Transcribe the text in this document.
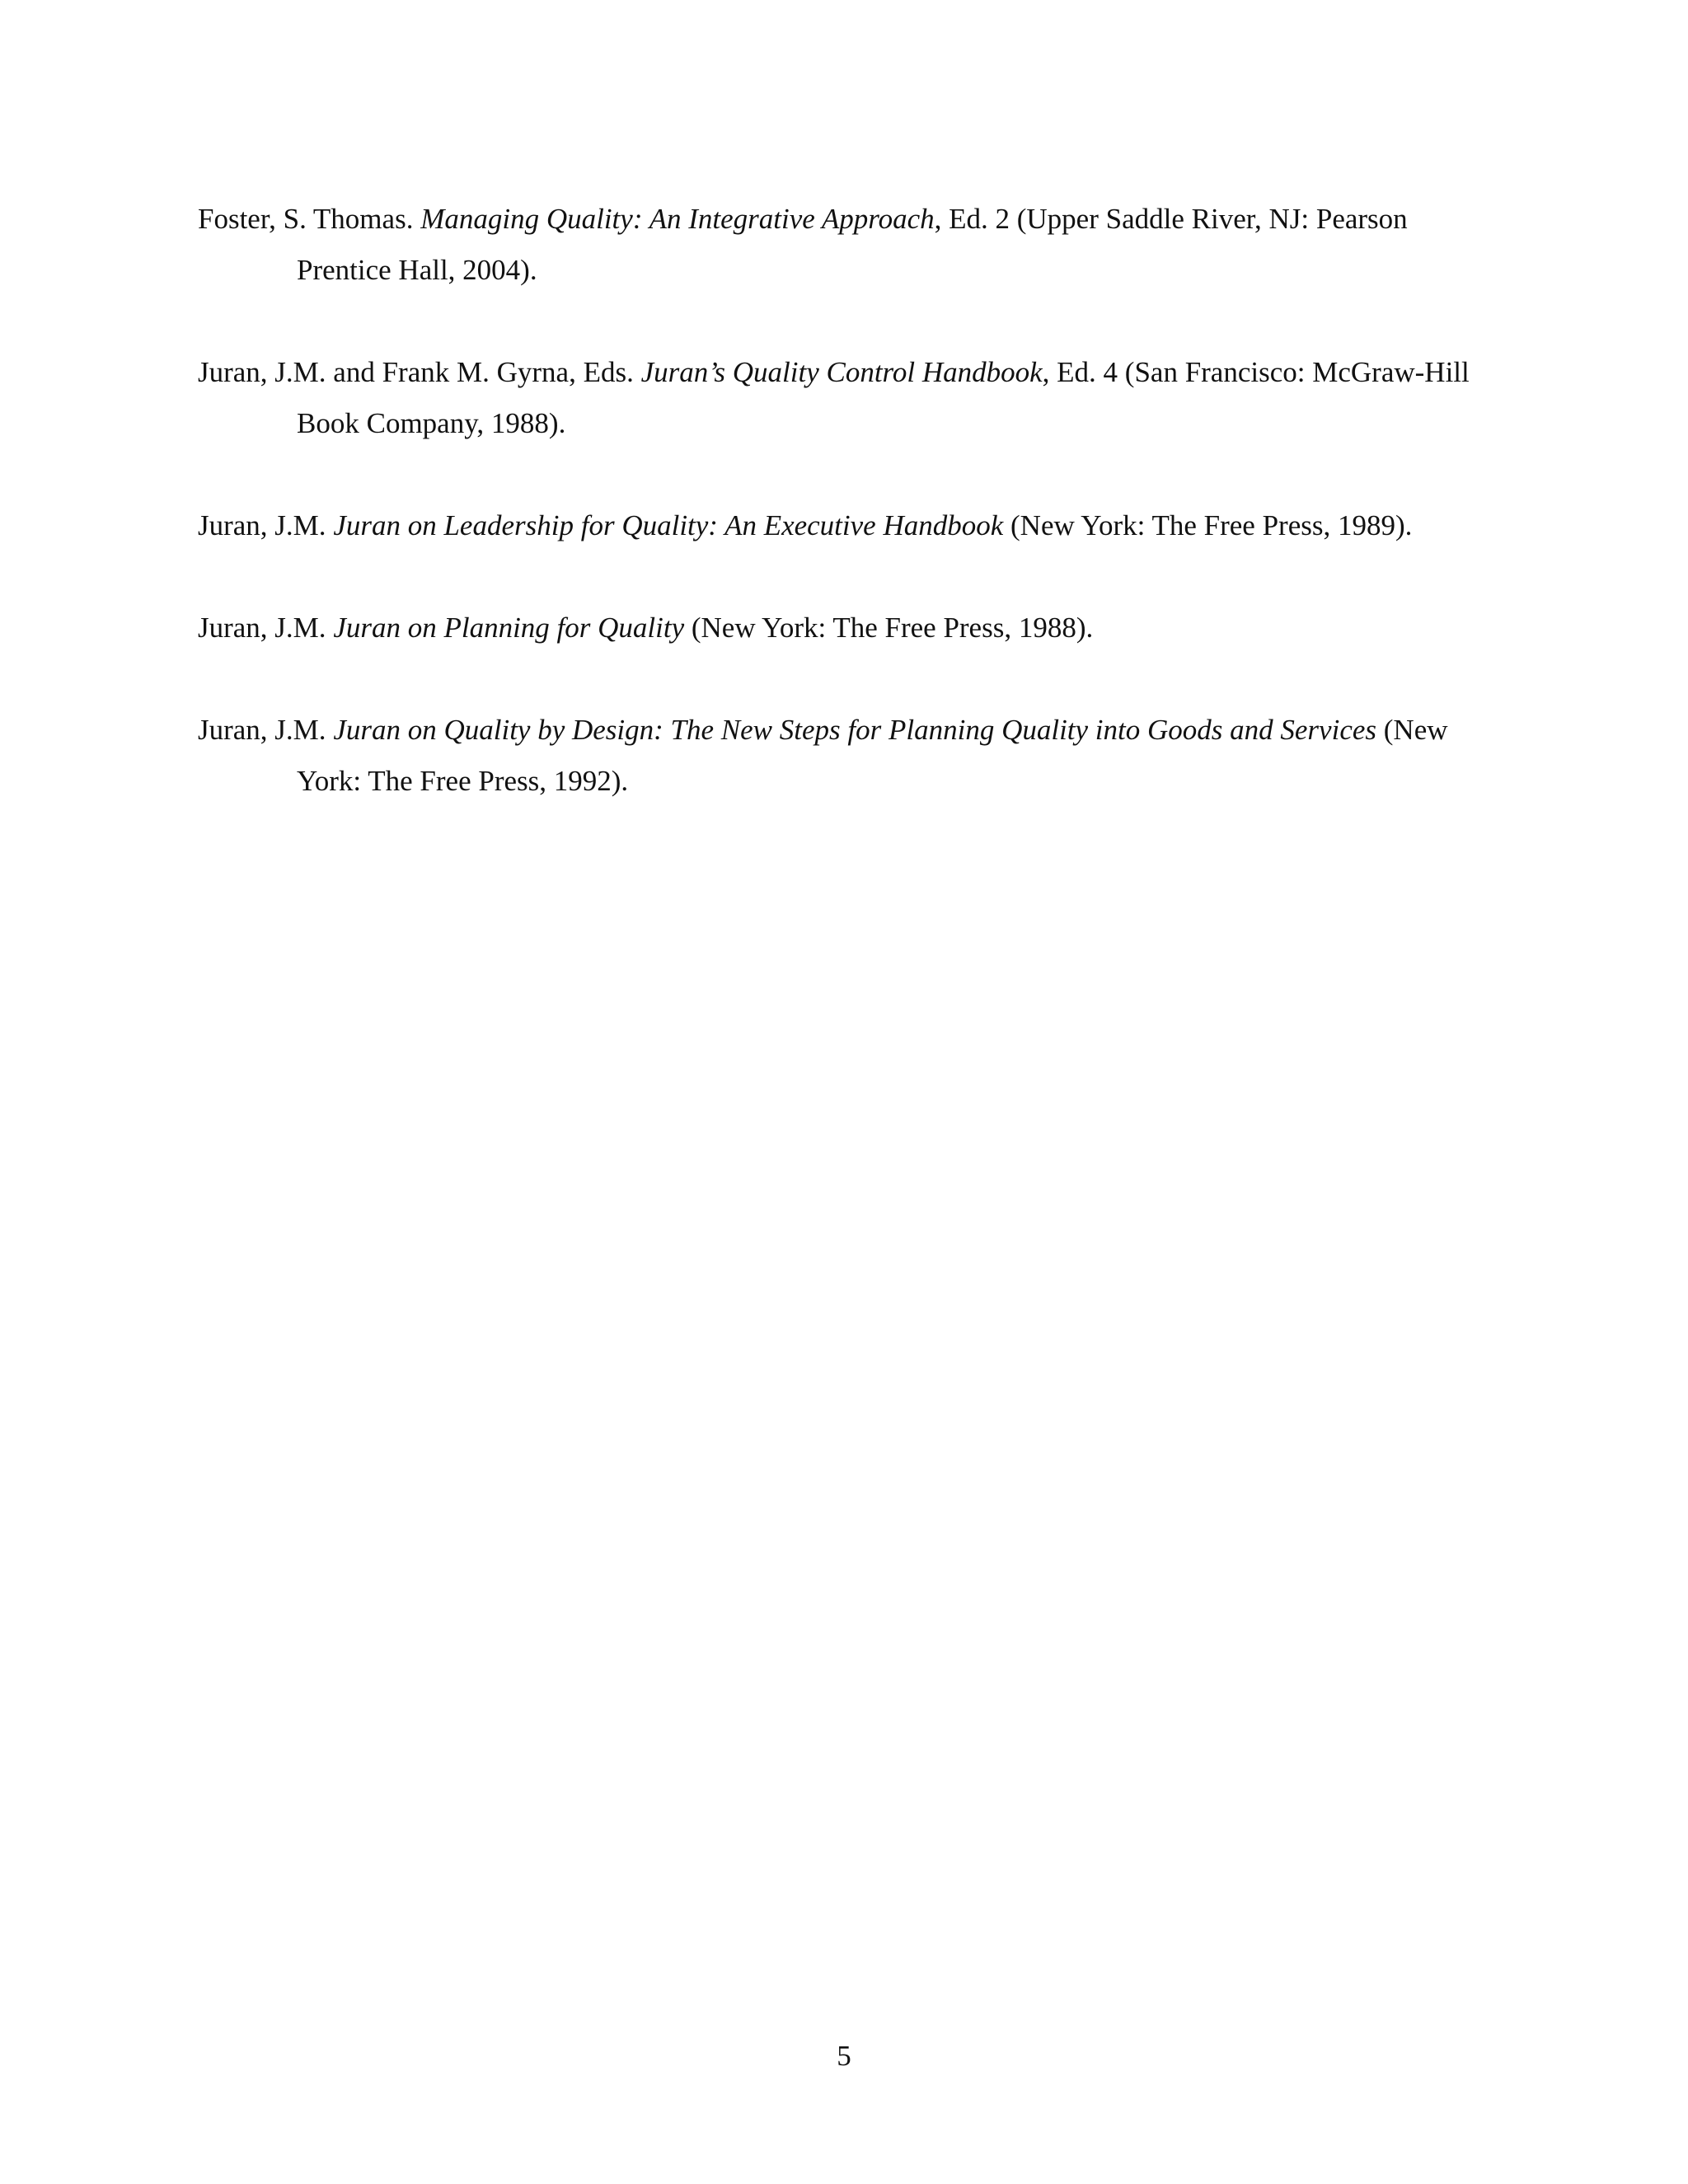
Foster, S. Thomas. Managing Quality: An Integrative Approach, Ed. 2 (Upper Saddle River, NJ: Pearson Prentice Hall, 2004).
Juran, J.M. and Frank M. Gyrna, Eds. Juran’s Quality Control Handbook, Ed. 4 (San Francisco: McGraw-Hill Book Company, 1988).
Juran, J.M. Juran on Leadership for Quality: An Executive Handbook (New York: The Free Press, 1989).
Juran, J.M. Juran on Planning for Quality (New York: The Free Press, 1988).
Juran, J.M. Juran on Quality by Design: The New Steps for Planning Quality into Goods and Services (New York: The Free Press, 1992).
5
